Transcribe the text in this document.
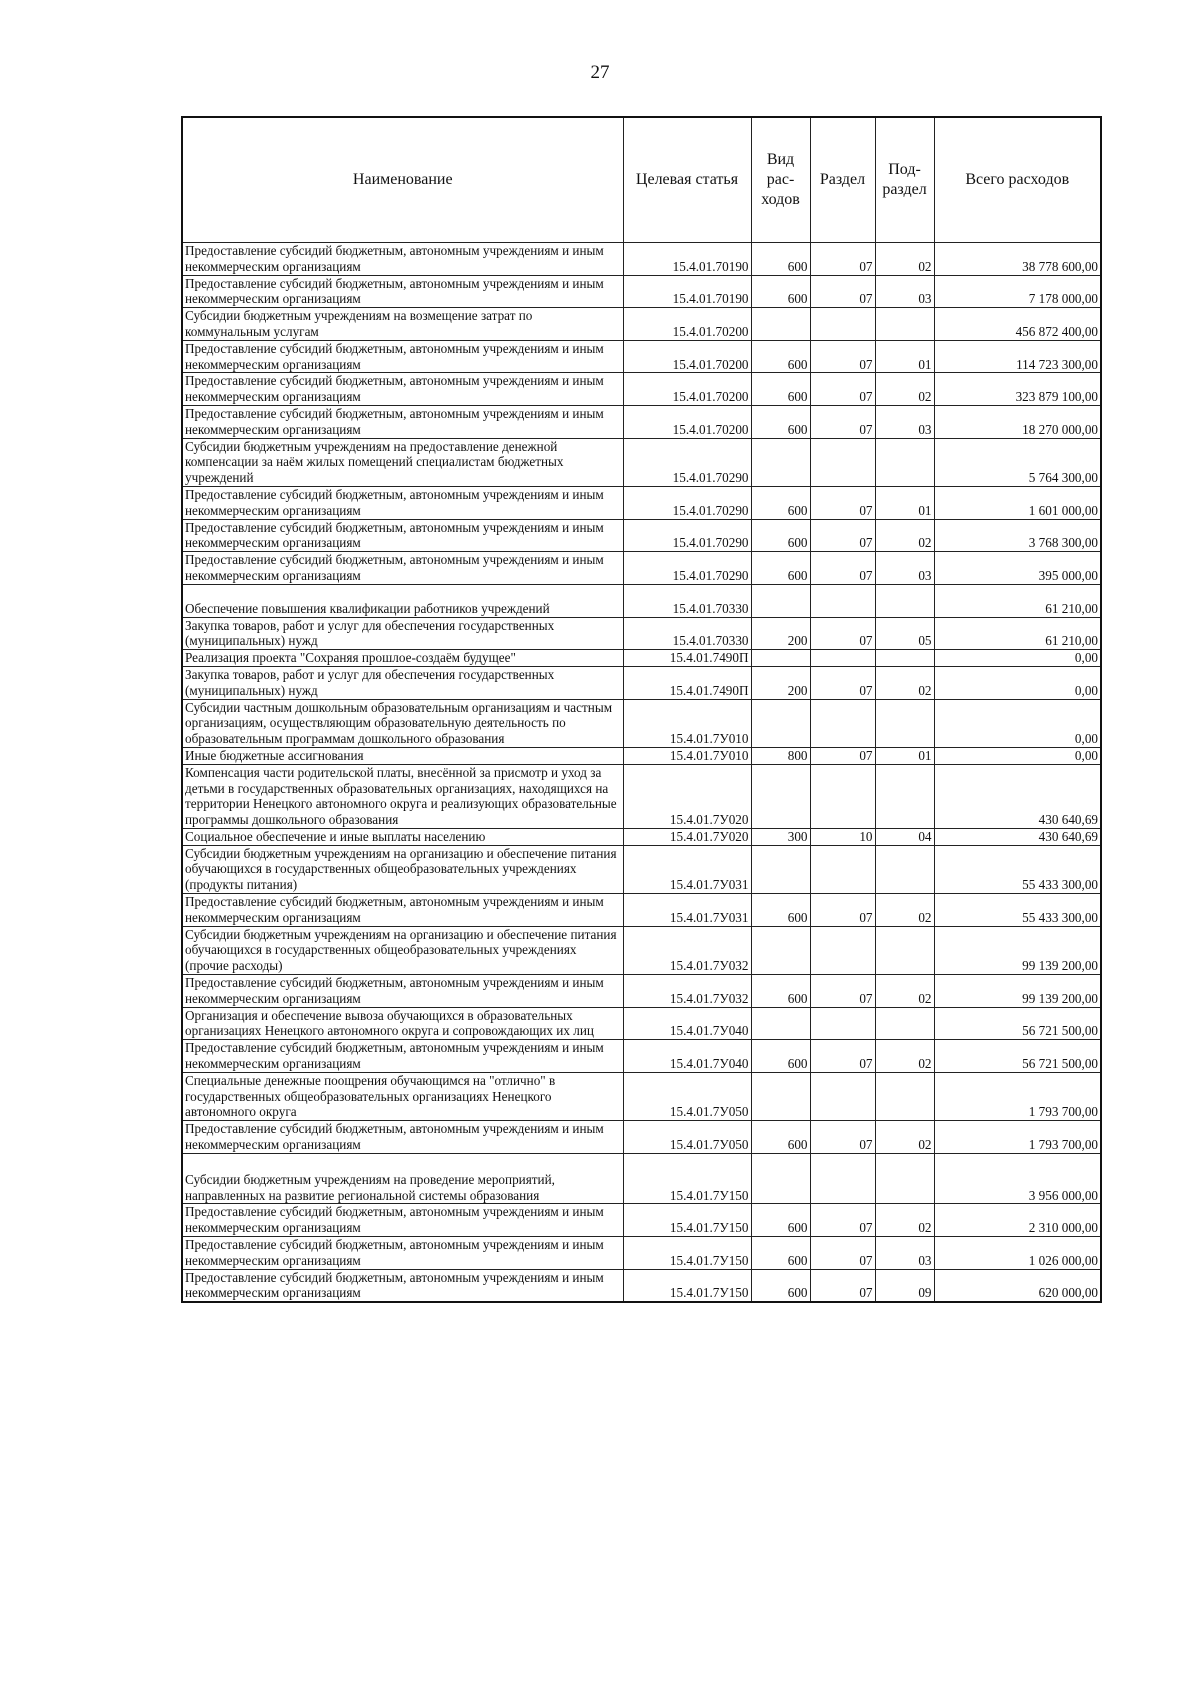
27
Наименование	Целевая статья	Вид рас- ходов	Раздел	Под- раздел	Всего расходов
Предоставление субсидий бюджетным, автономным учреждениям и иным некоммерческим организациям	15.4.01.70190	600	07	02	38 778 600,00
Предоставление субсидий бюджетным, автономным учреждениям и иным некоммерческим организациям	15.4.01.70190	600	07	03	7 178 000,00
Субсидии бюджетным учреждениям на возмещение затрат по коммунальным услугам	15.4.01.70200				456 872 400,00
Предоставление субсидий бюджетным, автономным учреждениям и иным некоммерческим организациям	15.4.01.70200	600	07	01	114 723 300,00
Предоставление субсидий бюджетным, автономным учреждениям и иным некоммерческим организациям	15.4.01.70200	600	07	02	323 879 100,00
Предоставление субсидий бюджетным, автономным учреждениям и иным некоммерческим организациям	15.4.01.70200	600	07	03	18 270 000,00
Субсидии бюджетным учреждениям на предоставление денежной компенсации за наём жилых помещений специалистам бюджетных учреждений	15.4.01.70290				5 764 300,00
Предоставление субсидий бюджетным, автономным учреждениям и иным некоммерческим организациям	15.4.01.70290	600	07	01	1 601 000,00
Предоставление субсидий бюджетным, автономным учреждениям и иным некоммерческим организациям	15.4.01.70290	600	07	02	3 768 300,00
Предоставление субсидий бюджетным, автономным учреждениям и иным некоммерческим организациям	15.4.01.70290	600	07	03	395 000,00
Обеспечение повышения квалификации работников учреждений	15.4.01.70330				61 210,00
Закупка товаров, работ и услуг для обеспечения государственных (муниципальных) нужд	15.4.01.70330	200	07	05	61 210,00
Реализация проекта "Сохраняя прошлое-создаём будущее"	15.4.01.7490П				0,00
Закупка товаров, работ и услуг для обеспечения государственных (муниципальных) нужд	15.4.01.7490П	200	07	02	0,00
Субсидии частным дошкольным образовательным организациям и частным организациям, осуществляющим образовательную деятельность по образовательным программам дошкольного образования	15.4.01.7У010				0,00
Иные бюджетные ассигнования	15.4.01.7У010	800	07	01	0,00
Компенсация части родительской платы, внесённой за присмотр и уход за детьми в государственных образовательных организациях, находящихся на территории Ненецкого автономного округа и реализующих образовательные программы дошкольного образования	15.4.01.7У020				430 640,69
Социальное обеспечение и иные выплаты населению	15.4.01.7У020	300	10	04	430 640,69
Субсидии бюджетным учреждениям на организацию и обеспечение питания обучающихся в государственных общеобразовательных учреждениях (продукты питания)	15.4.01.7У031				55 433 300,00
Предоставление субсидий бюджетным, автономным учреждениям и иным некоммерческим организациям	15.4.01.7У031	600	07	02	55 433 300,00
Субсидии бюджетным учреждениям на организацию и обеспечение питания обучающихся в государственных общеобразовательных учреждениях (прочие расходы)	15.4.01.7У032				99 139 200,00
Предоставление субсидий бюджетным, автономным учреждениям и иным некоммерческим организациям	15.4.01.7У032	600	07	02	99 139 200,00
Организация и обеспечение вывоза обучающихся в образовательных организациях Ненецкого автономного округа и сопровождающих их лиц	15.4.01.7У040				56 721 500,00
Предоставление субсидий бюджетным, автономным учреждениям и иным некоммерческим организациям	15.4.01.7У040	600	07	02	56 721 500,00
Специальные денежные поощрения обучающимся на "отлично" в государственных общеобразовательных организациях Ненецкого автономного округа	15.4.01.7У050				1 793 700,00
Предоставление субсидий бюджетным, автономным учреждениям и иным некоммерческим организациям	15.4.01.7У050	600	07	02	1 793 700,00
Субсидии бюджетным учреждениям на проведение мероприятий, направленных на развитие региональной системы образования	15.4.01.7У150				3 956 000,00
Предоставление субсидий бюджетным, автономным учреждениям и иным некоммерческим организациям	15.4.01.7У150	600	07	02	2 310 000,00
Предоставление субсидий бюджетным, автономным учреждениям и иным некоммерческим организациям	15.4.01.7У150	600	07	03	1 026 000,00
Предоставление субсидий бюджетным, автономным учреждениям и иным некоммерческим организациям	15.4.01.7У150	600	07	09	620 000,00
